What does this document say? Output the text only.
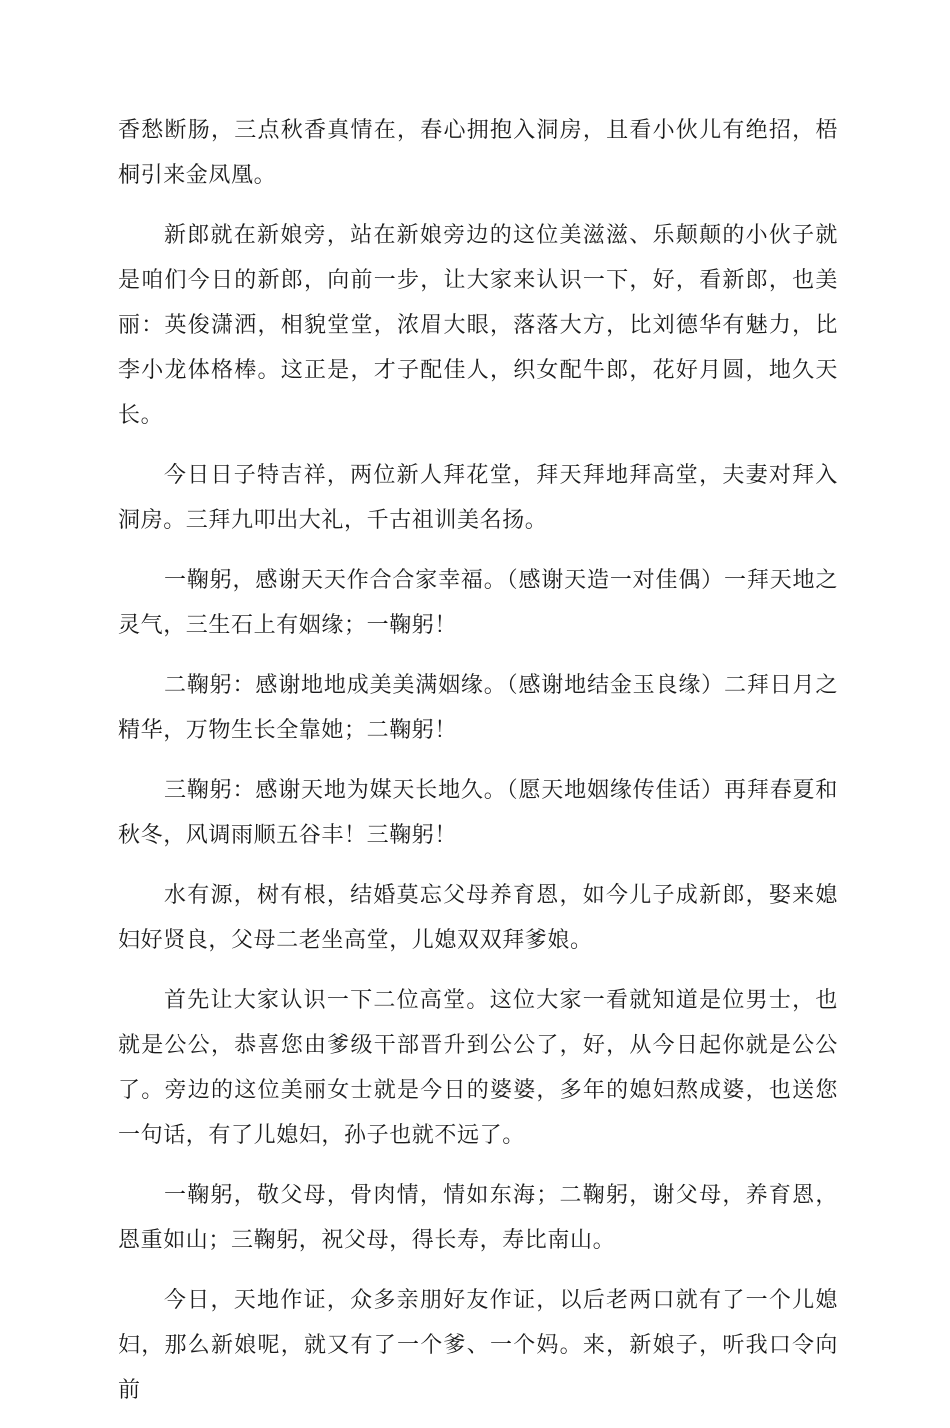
香愁断肠，三点秋香真情在，春心拥抱入洞房，且看小伙儿有绝招，梧桐引来金凤凰。

新郎就在新娘旁，站在新娘旁边的这位美滋滋、乐颠颠的小伙子就是咱们今日的新郎，向前一步，让大家来认识一下，好，看新郎，也美丽：英俊潇洒，相貌堂堂，浓眉大眼，落落大方，比刘德华有魅力，比李小龙体格棒。这正是，才子配佳人，织女配牛郎，花好月圆，地久天长。

今日日子特吉祥，两位新人拜花堂，拜天拜地拜高堂，夫妻对拜入洞房。三拜九叩出大礼，千古祖训美名扬。

一鞠躬，感谢天天作合合家幸福。（感谢天造一对佳偶）一拜天地之灵气，三生石上有姻缘；一鞠躬！

二鞠躬：感谢地地成美美满姻缘。（感谢地结金玉良缘）二拜日月之精华，万物生长全靠她；二鞠躬！

三鞠躬：感谢天地为媒天长地久。（愿天地姻缘传佳话）再拜春夏和秋冬，风调雨顺五谷丰！三鞠躬！

水有源，树有根，结婚莫忘父母养育恩，如今儿子成新郎，娶来媳妇好贤良，父母二老坐高堂，儿媳双双拜爹娘。

首先让大家认识一下二位高堂。这位大家一看就知道是位男士，也就是公公，恭喜您由爹级干部晋升到公公了，好，从今日起你就是公公了。旁边的这位美丽女士就是今日的婆婆，多年的媳妇熬成婆，也送您一句话，有了儿媳妇，孙子也就不远了。

一鞠躬，敬父母，骨肉情，情如东海；二鞠躬，谢父母，养育恩，恩重如山；三鞠躬，祝父母，得长寿，寿比南山。

今日，天地作证，众多亲朋好友作证，以后老两口就有了一个儿媳妇，那么新娘呢，就又有了一个爹、一个妈。来，新娘子，听我口令向前
